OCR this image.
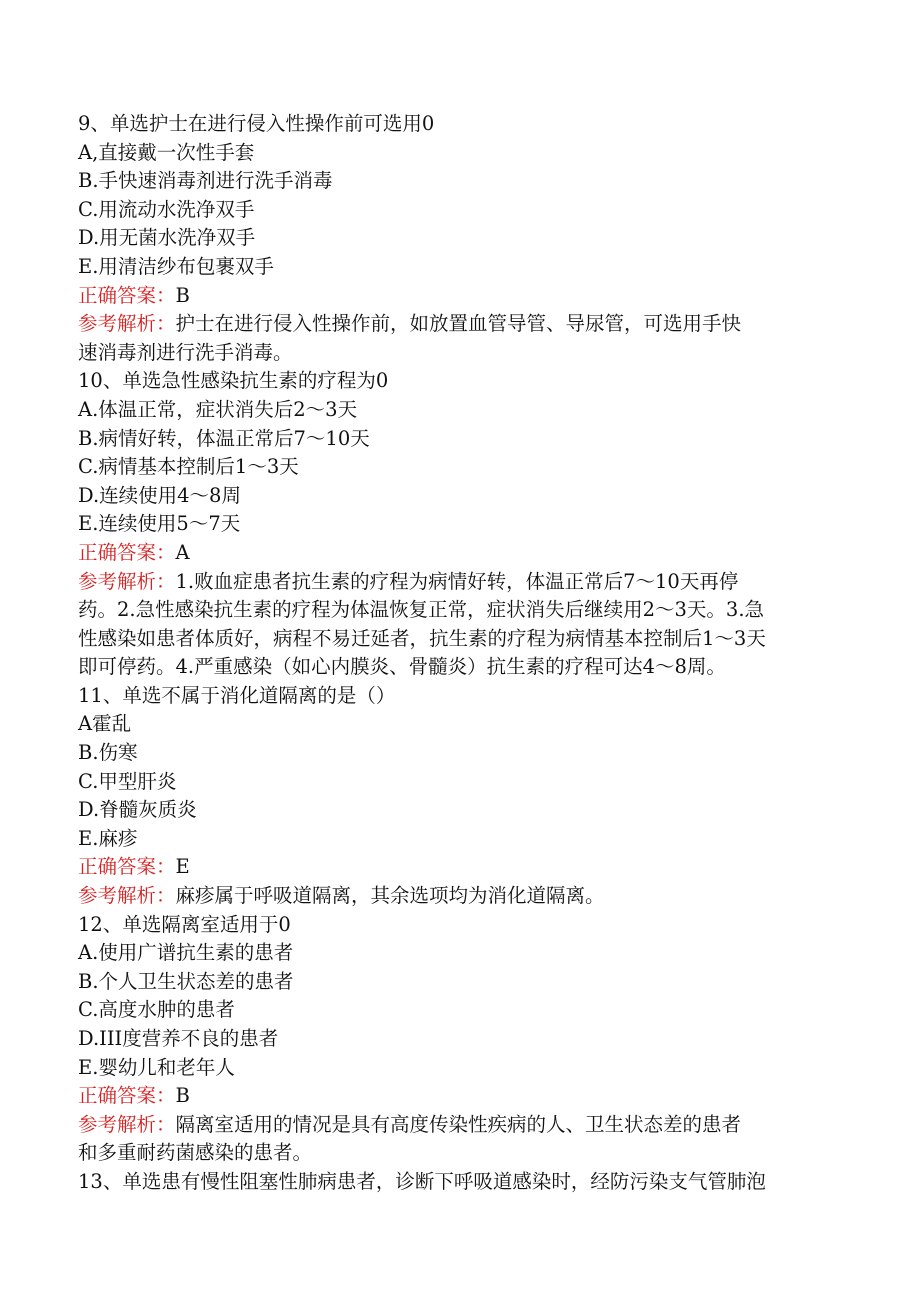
9、单选护士在进行侵入性操作前可选用0

A,直接戴一次性手套

B.手快速消毒剂进行洗手消毒

C.用流动水洗净双手

D.用无菌水洗净双手

E.用清洁纱布包裹双手

正确答案：B

参考解析：护士在进行侵入性操作前，如放置血管导管、导尿管，可选用手快

速消毒剂进行洗手消毒。

10、单选急性感染抗生素的疗程为0

A.体温正常，症状消失后2～3天

B.病情好转，体温正常后7～10天

C.病情基本控制后1～3天

D.连续使用4～8周

E.连续使用5～7天

正确答案：A

参考解析：1.败血症患者抗生素的疗程为病情好转，体温正常后7～10天再停

药。2.急性感染抗生素的疗程为体温恢复正常，症状消失后继续用2～3天。3.急

性感染如患者体质好，病程不易迁延者，抗生素的疗程为病情基本控制后1～3天

即可停药。4.严重感染（如心内膜炎、骨髓炎）抗生素的疗程可达4～8周。

11、单选不属于消化道隔离的是（）

A霍乱

B.伤寒

C.甲型肝炎

D.脊髓灰质炎

E.麻疹

正确答案：E

参考解析：麻疹属于呼吸道隔离，其余选项均为消化道隔离。

12、单选隔离室适用于0

A.使用广谱抗生素的患者

B.个人卫生状态差的患者

C.高度水肿的患者

D.III度营养不良的患者

E.婴幼儿和老年人

正确答案：B

参考解析：隔离室适用的情况是具有高度传染性疾病的人、卫生状态差的患者

和多重耐药菌感染的患者。

13、单选患有慢性阻塞性肺病患者，诊断下呼吸道感染时，经防污染支气管肺泡
